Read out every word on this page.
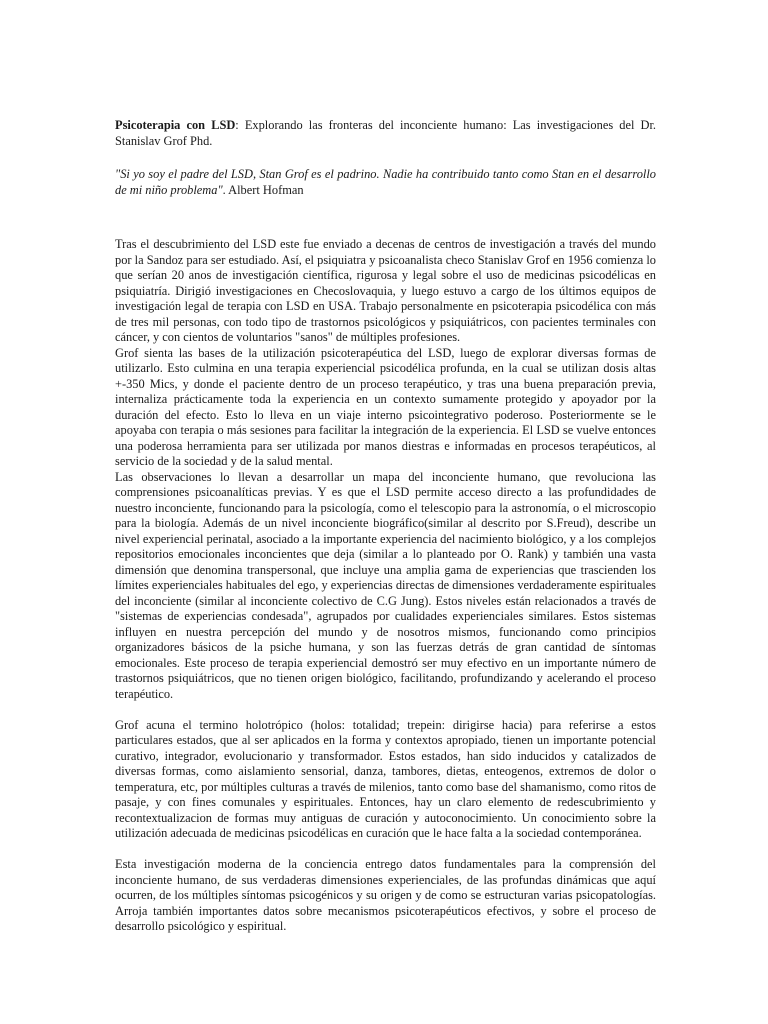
Psicoterapia con LSD: Explorando las fronteras del inconciente humano: Las investigaciones del Dr. Stanislav Grof Phd.

"Si yo soy el padre del LSD, Stan Grof es el padrino. Nadie ha contribuido tanto como Stan en el desarrollo de mi niño problema". Albert Hofman

Tras el descubrimiento del LSD este fue enviado a decenas de centros de investigación a través del mundo por la Sandoz para ser estudiado. Así, el psiquiatra y psicoanalista checo Stanislav Grof en 1956 comienza lo que serían 20 anos de investigación científica, rigurosa y legal sobre el uso de medicinas psicodélicas en psiquiatría. Dirigió investigaciones en Checoslovaquia, y luego estuvo a cargo de los últimos equipos de investigación legal de terapia con LSD en USA. Trabajo personalmente en psicoterapia psicodélica con más de tres mil personas, con todo tipo de trastornos psicológicos y psiquiátricos, con pacientes terminales con cáncer, y con cientos de voluntarios "sanos" de múltiples profesiones.

Grof sienta las bases de la utilización psicoterapéutica del LSD, luego de explorar diversas formas de utilizarlo. Esto culmina en una terapia experiencial psicodélica profunda, en la cual se utilizan dosis altas +-350 Mics, y donde el paciente dentro de un proceso terapéutico, y tras una buena preparación previa, internaliza prácticamente toda la experiencia en un contexto sumamente protegido y apoyador por la duración del efecto. Esto lo lleva en un viaje interno psicointegrativo poderoso. Posteriormente se le apoyaba con terapia o más sesiones para facilitar la integración de la experiencia. El LSD se vuelve entonces una poderosa herramienta para ser utilizada por manos diestras e informadas en procesos terapéuticos, al servicio de la sociedad y de la salud mental.

Las observaciones lo llevan a desarrollar un mapa del inconciente humano, que revoluciona las comprensiones psicoanalíticas previas. Y es que el LSD permite acceso directo a las profundidades de nuestro inconciente, funcionando para la psicología, como el telescopio para la astronomía, o el microscopio para la biología. Además de un nivel inconciente biográfico(similar al descrito por S.Freud), describe un nivel experiencial perinatal, asociado a la importante experiencia del nacimiento biológico, y a los complejos repositorios emocionales inconcientes que deja (similar a lo planteado por O. Rank) y también una vasta dimensión que denomina transpersonal, que incluye una amplia gama de experiencias que trascienden los límites experienciales habituales del ego, y experiencias directas de dimensiones verdaderamente espirituales del inconciente (similar al inconciente colectivo de C.G Jung). Estos niveles están relacionados a través de "sistemas de experiencias condesada", agrupados por cualidades experienciales similares. Estos sistemas influyen en nuestra percepción del mundo y de nosotros mismos, funcionando como principios organizadores básicos de la psiche humana, y son las fuerzas detrás de gran cantidad de síntomas emocionales. Este proceso de terapia experiencial demostró ser muy efectivo en un importante número de trastornos psiquiátricos, que no tienen origen biológico, facilitando, profundizando y acelerando el proceso terapéutico.

Grof acuna el termino holotrópico (holos: totalidad; trepein: dirigirse hacia) para referirse a estos particulares estados, que al ser aplicados en la forma y contextos apropiado, tienen un importante potencial curativo, integrador, evolucionario y transformador. Estos estados, han sido inducidos y catalizados de diversas formas, como aislamiento sensorial, danza, tambores, dietas, enteogenos, extremos de dolor o temperatura, etc, por múltiples culturas a través de milenios, tanto como base del shamanismo, como ritos de pasaje, y con fines comunales y espirituales. Entonces, hay un claro elemento de redescubrimiento y recontextualizacion de formas muy antiguas de curación y autoconocimiento. Un conocimiento sobre la utilización adecuada de medicinas psicodélicas en curación que le hace falta a la sociedad contemporánea.

Esta investigación moderna de la conciencia entrego datos fundamentales para la comprensión del inconciente humano, de sus verdaderas dimensiones experienciales, de las profundas dinámicas que aquí ocurren, de los múltiples síntomas psicogénicos y su origen y de como se estructuran varias psicopatologías. Arroja también importantes datos sobre mecanismos psicoterapéuticos efectivos, y sobre el proceso de desarrollo psicológico y espiritual.
